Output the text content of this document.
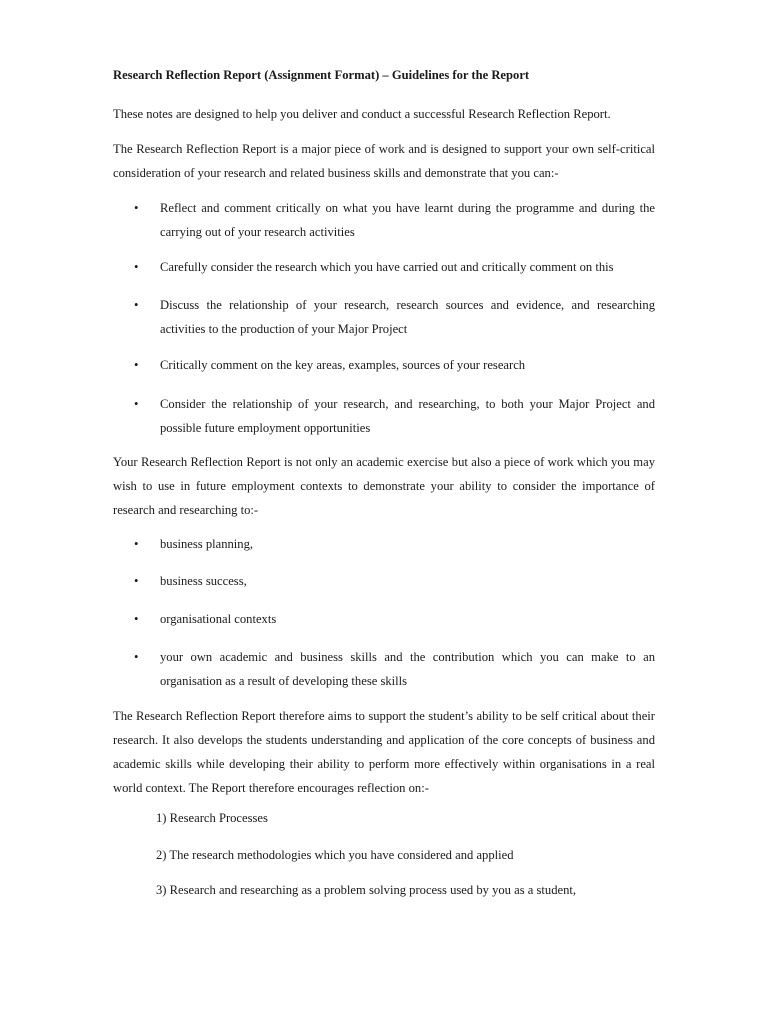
Research Reflection Report (Assignment Format) – Guidelines for the Report
These notes are designed to help you deliver and conduct a successful Research Reflection Report.
The Research Reflection Report is a major piece of work and is designed to support your own self-critical consideration of your research and related business skills and demonstrate that you can:-
• Reflect and comment critically on what you have learnt during the programme and during the carrying out of your research activities
• Carefully consider the research which you have carried out and critically comment on this
• Discuss the relationship of your research, research sources and evidence, and researching activities to the production of your Major Project
• Critically comment on the key areas, examples, sources of your research
• Consider the relationship of your research, and researching, to both your Major Project and possible future employment opportunities
Your Research Reflection Report is not only an academic exercise but also a piece of work which you may wish to use in future employment contexts to demonstrate your ability to consider the importance of research and researching to:-
• business planning,
• business success,
• organisational contexts
• your own academic and business skills and the contribution which you can make to an organisation as a result of developing these skills
The Research Reflection Report therefore aims to support the student’s ability to be self critical about their research. It also develops the students understanding and application of the core concepts of business and academic skills while developing their ability to perform more effectively within organisations in a real world context. The Report therefore encourages reflection on:-
1) Research Processes
2) The research methodologies which you have considered and applied
3) Research and researching as a problem solving process used by you as a student,
